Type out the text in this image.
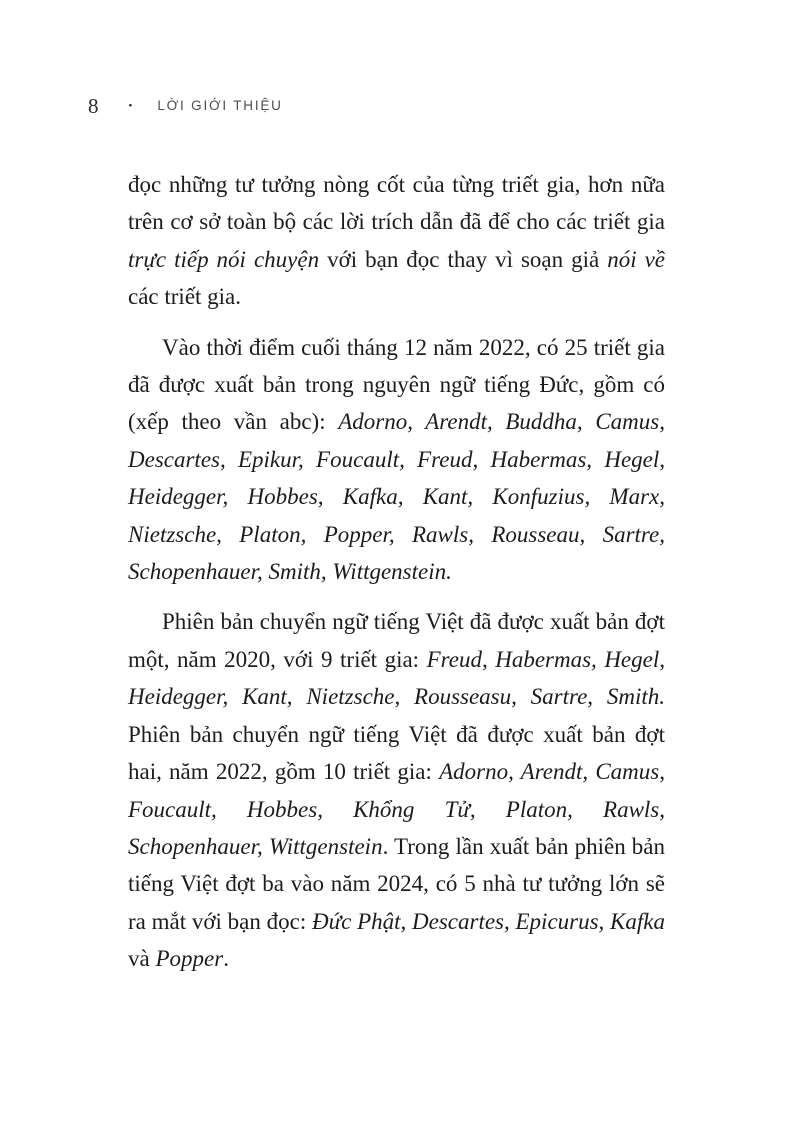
8	• LỜI GIỚI THIỆU

đọc những tư tưởng nòng cốt của từng triết gia, hơn nữa trên cơ sở toàn bộ các lời trích dẫn đã để cho các triết gia trực tiếp nói chuyện với bạn đọc thay vì soạn giả nói về các triết gia.

Vào thời điểm cuối tháng 12 năm 2022, có 25 triết gia đã được xuất bản trong nguyên ngữ tiếng Đức, gồm có (xếp theo vần abc): Adorno, Arendt, Buddha, Camus, Descartes, Epikur, Foucault, Freud, Habermas, Hegel, Heidegger, Hobbes, Kafka, Kant, Konfuzius, Marx, Nietzsche, Platon, Popper, Rawls, Rousseau, Sartre, Schopenhauer, Smith, Wittgenstein.

Phiên bản chuyển ngữ tiếng Việt đã được xuất bản đợt một, năm 2020, với 9 triết gia: Freud, Habermas, Hegel, Heidegger, Kant, Nietzsche, Rousseasu, Sartre, Smith. Phiên bản chuyển ngữ tiếng Việt đã được xuất bản đợt hai, năm 2022, gồm 10 triết gia: Adorno, Arendt, Camus, Foucault, Hobbes, Khổng Tử, Platon, Rawls, Schopenhauer, Wittgenstein. Trong lần xuất bản phiên bản tiếng Việt đợt ba vào năm 2024, có 5 nhà tư tưởng lớn sẽ ra mắt với bạn đọc: Đức Phật, Descartes, Epicurus, Kafka và Popper.
